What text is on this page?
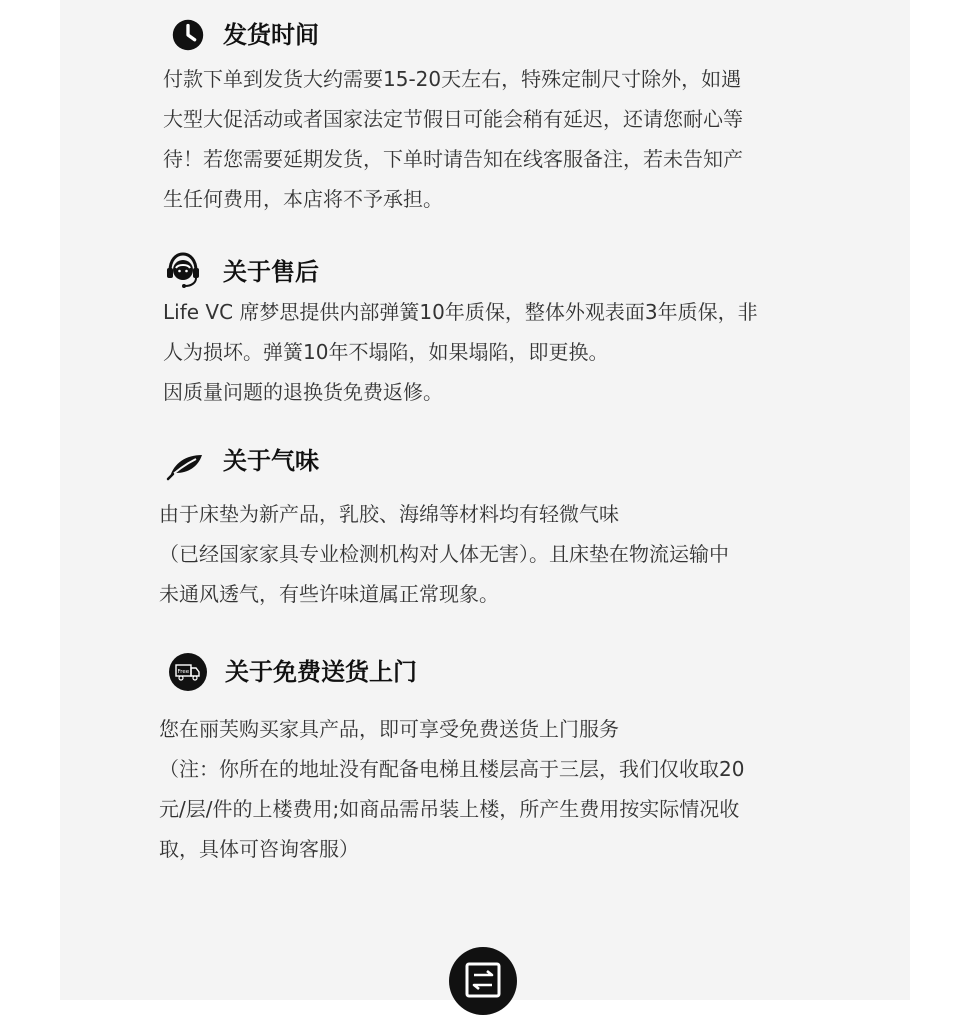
发货时间
付款下单到发货大约需要15-20天左右，特殊定制尺寸除外，如遇
大型大促活动或者国家法定节假日可能会稍有延迟，还请您耐心等
待！若您需要延期发货，下单时请告知在线客服备注，若未告知产
生任何费用，本店将不予承担。
关于售后
Life VC 席梦思提供内部弹簧10年质保，整体外观表面3年质保，非
人为损坏。弹簧10年不塌陷，如果塌陷，即更换。
因质量问题的退换货免费返修。
关于气味
由于床垫为新产品，乳胶、海绵等材料均有轻微气味
（已经国家家具专业检测机构对人体无害）。且床垫在物流运输中
未通风透气，有些许味道属正常现象。
Free 关于免费送货上门
您在丽芙购买家具产品，即可享受免费送货上门服务
（注：你所在的地址没有配备电梯且楼层高于三层，我们仅收取20
元/层/件的上楼费用;如商品需吊装上楼，所产生费用按实际情况收
取，具体可咨询客服）
